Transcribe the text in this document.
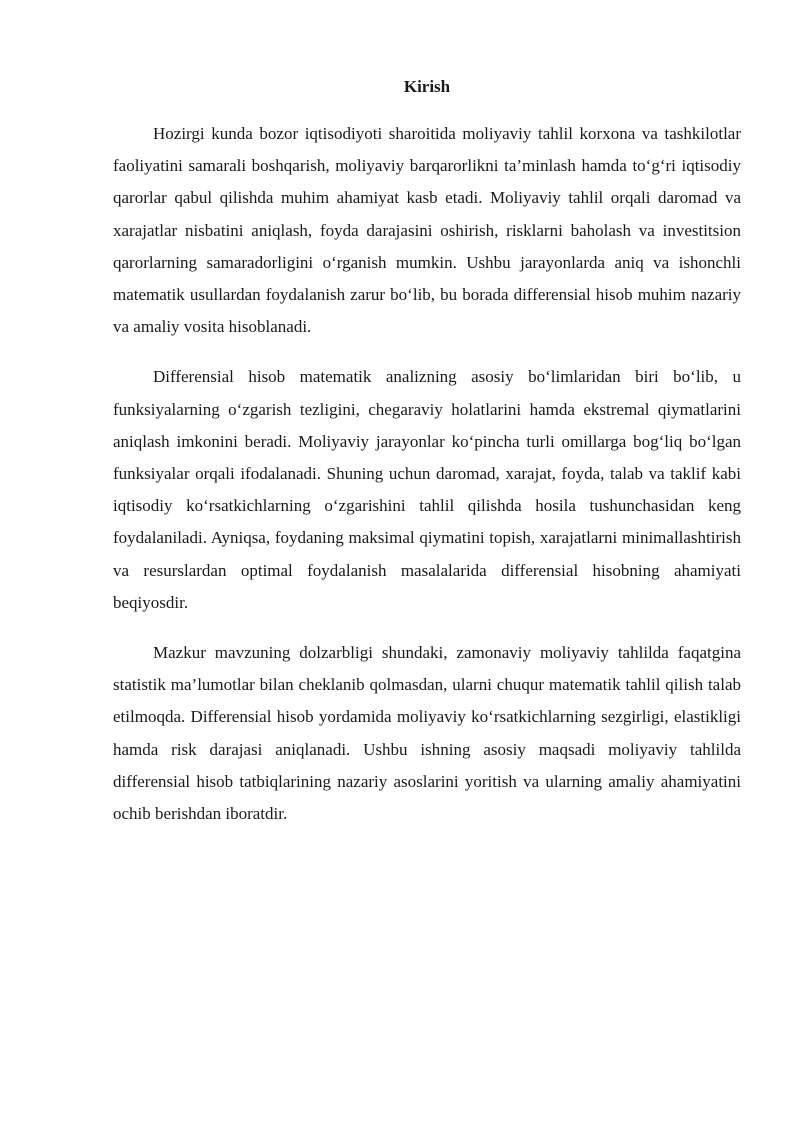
Kirish

Hozirgi kunda bozor iqtisodiyoti sharoitida moliyaviy tahlil korxona va tashkilotlar faoliyatini samarali boshqarish, moliyaviy barqarorlikni ta’minlash hamda to‘g‘ri iqtisodiy qarorlar qabul qilishda muhim ahamiyat kasb etadi. Moliyaviy tahlil orqali daromad va xarajatlar nisbatini aniqlash, foyda darajasini oshirish, risklarni baholash va investitsion qarorlarning samaradorligini o‘rganish mumkin. Ushbu jarayonlarda aniq va ishonchli matematik usullardan foydalanish zarur bo‘lib, bu borada differensial hisob muhim nazariy va amaliy vosita hisoblanadi.

Differensial hisob matematik analizning asosiy bo‘limlaridan biri bo‘lib, u funksiyalarning o‘zgarish tezligini, chegaraviy holatlarini hamda ekstremal qiymatlarini aniqlash imkonini beradi. Moliyaviy jarayonlar ko‘pincha turli omillarga bog‘liq bo‘lgan funksiyalar orqali ifodalanadi. Shuning uchun daromad, xarajat, foyda, talab va taklif kabi iqtisodiy ko‘rsatkichlarning o‘zgarishini tahlil qilishda hosila tushunchasidan keng foydalaniladi. Ayniqsa, foydaning maksimal qiymatini topish, xarajatlarni minimallashtirish va resurslardan optimal foydalanish masalalarida differensial hisobning ahamiyati beqiyosdir.

Mazkur mavzuning dolzarbligi shundaki, zamonaviy moliyaviy tahlilda faqatgina statistik ma’lumotlar bilan cheklanib qolmasdan, ularni chuqur matematik tahlil qilish talab etilmoqda. Differensial hisob yordamida moliyaviy ko‘rsatkichlarning sezgirligi, elastikligi hamda risk darajasi aniqlanadi. Ushbu ishning asosiy maqsadi moliyaviy tahlilda differensial hisob tatbiqlarining nazariy asoslarini yoritish va ularning amaliy ahamiyatini ochib berishdan iboratdir.
